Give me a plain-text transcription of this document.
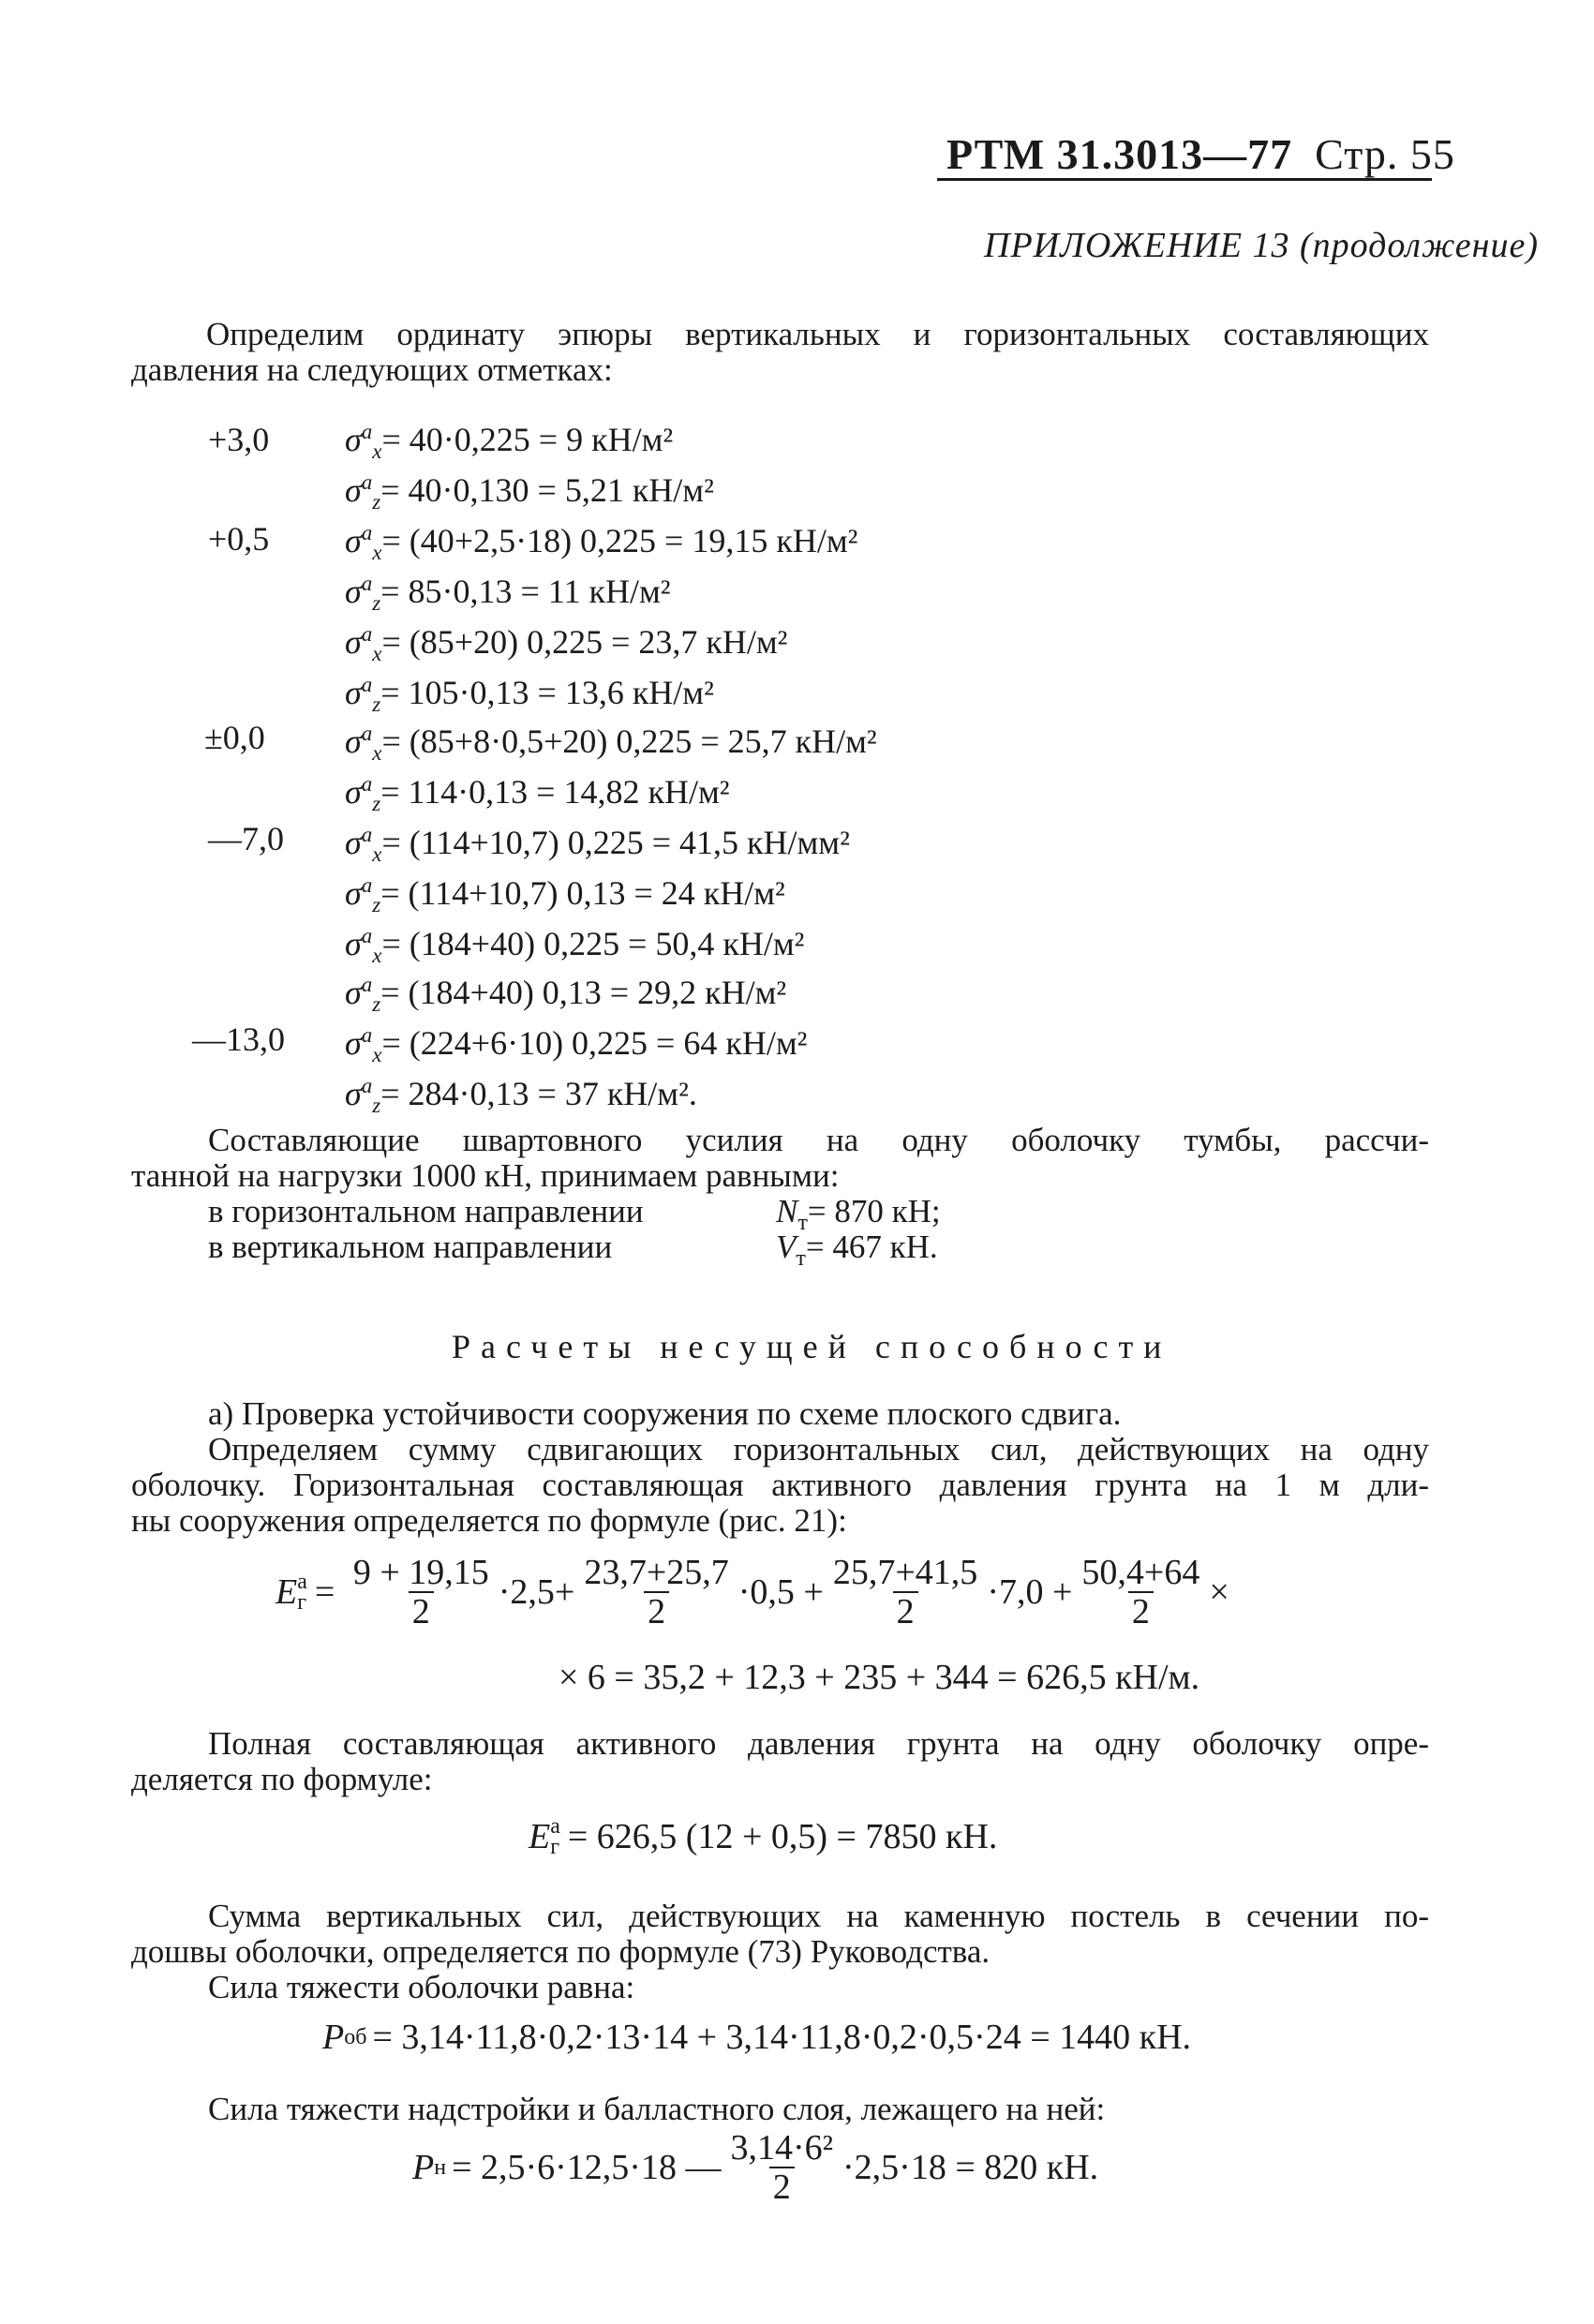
РТМ 31.3013—77 Стр. 55
ПРИЛОЖЕНИЕ 13 (продолжение)
Определим ординату эпюры вертикальных и горизонтальных составляющих
давления на следующих отметках:
+3,0
+0,5
±0,0
—7,0
—13,0
$\sigma^a_x= 40\cdot 0,225 = 9$ кН/м²
$\sigma^a_z= 40\cdot 0,130 = 5,21$ кН/м²
$\sigma^a_x= (40+2,5\cdot 18) 0,225 = 19,15$ кН/м²
$\sigma^a_z= 85\cdot 0,13 = 11$ кН/м²
$\sigma^a_x= (85+20) 0,225 = 23,7$ кН/м²
$\sigma^a_z= 105\cdot 0,13 = 13,6$ кН/м²
$\sigma^a_x= (85+8\cdot 0,5+20) 0,225 = 25,7$ кН/м²
$\sigma^a_z= 114\cdot 0,13 = 14,82$ кН/м²
$\sigma^a_x= (114+10,7) 0,225 = 41,5$ кН/мм²
$\sigma^a_z= (114+10,7) 0,13 = 24$ кН/м²
$\sigma^a_x= (184+40) 0,225 = 50,4$ кН/м²
$\sigma^a_z= (184+40) 0,13 = 29,2$ кН/м²
$\sigma^a_x= (224+6\cdot 10) 0,225 = 64$ кН/м²
$\sigma^a_z= 284\cdot 0,13 = 37$ кН/м².
Составляющие швартовного усилия на одну оболочку тумбы, рассчи-
танной на нагрузки 1000 кН, принимаем равными:
в горизонтальном направлении	$N_т= 870$ кН;
в вертикальном направлении	$V_т= 467$ кН.
Расчеты несущей способности
а) Проверка устойчивости сооружения по схеме плоского сдвига.
Определяем сумму сдвигающих горизонтальных сил, действующих на одну
оболочку. Горизонтальная составляющая активного давления грунта на 1 м дли-
ны сооружения определяется по формуле (рис. 21):
E а
$г = \frac{9 + 19,15}{2} \cdot 2,5+ \frac{23,7+25,7}{2} \cdot 0,5 + \frac{25,7+41,5}{2} \cdot 7,0 + \frac{50,4+64}{2}$ ×
× 6 = 35,2 + 12,3 + 235 + 344 = 626,5 кН/м.
Полная составляющая активного давления грунта на одну оболочку опре-
деляется по формуле:
E а
г = 626,5 (12 + 0,5) = 7850 кН.
Сумма вертикальных сил, действующих на каменную постель в сечении по-
дошвы оболочки, определяется по формуле (73) Руководства.
Сила тяжести оболочки равна:
P об = 3,14·11,8·0,2·13·14 + 3,14·11,8·0,2·0,5·24 = 1440 кН.
Сила тяжести надстройки и балластного слоя, лежащего на ней:
P н = 2,5·6·12,5·18 — $\frac{\text{3,14·6²}}{2} \cdot 2,5\cdot 18 = 820$ кН.
